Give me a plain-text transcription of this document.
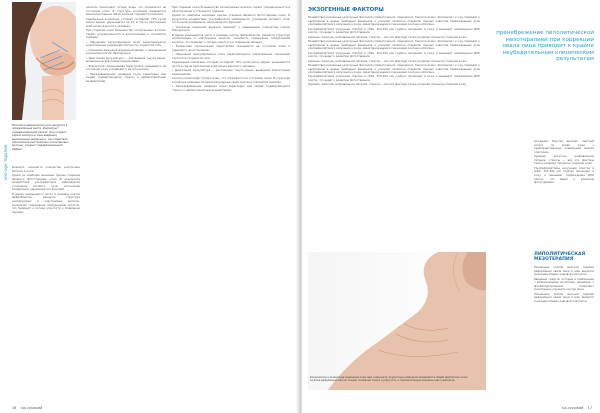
anti-age терапия
Мезонити (верхний рисунок) вводятся в определенные места, формируют поддерживающий каркас. Они создают каркас волокон в зоне введения, выраженные морщины и, как следствие образование выстроенных коллагеновых волокон, создают поддерживающий эффект.

возрасте, снижается количество эластичных волокон в коже.

Одной из наиболее значимых причин старения является фотостарение кожи. В результате воздействия ультрафиолета наблюдается утолщение рогового слоя, истончение эпидермиса, нарушение его функций.

В дерме уменьшается число и размеры клеток фибробластов, меняется структура коллагеновых и эластиновых волокон, снижается содержание гиалуроновой кислоты, что приводит к потере упругости и появлению морщин.

кислоты происходит потеря воды, что отражается на состоянии кожи. В структуре коллагена изменяются межмолекулярные связи, волокна становятся ломкими.

Содержание коллагена, который составляет 70% сухой массы дермы, уменьшается на 1% в год на протяжении всей жизни взрослого человека.

При старении кожи большинство коллагеновых волокон теряет упорядоченность в расположении и становятся грубыми.

• Нарушение васкуляризации кожи характеризуется значительным снижением плотности сосудистой сети.

• Снижение иммунной функции приводит к уменьшению количества клеток Лангерганса.

• Диастазная мускулатура — растяжение тонуса мышц, вызванное возрастными изменениями.

• Возрастная гормональная перестройка сказывается на состоянии кожи и приводит к ее истончению.

• Преждевременное увядание кожи характерно для людей, подвергающихся стрессу и неблагоприятным воздействиям.

При старении кожи большинство коллагеновых волокон теряет упорядоченность в расположении и становятся грубыми.

Одной из наиболее значимых причин старения является фотостарение кожи. В результате воздействия ультрафиолета наблюдается утолщение рогового слоя, истончение эпидермиса, нарушение его функций.

• Снижение иммунной функции приводит к уменьшению количества клеток Лангерганса.

В дерме уменьшается число и размеры клеток фибробластов, меняется структура коллагеновых и эластиновых волокон, снижается содержание гиалуроновой кислоты, что приводит к потере упругости и появлению морщин.

• Возрастная гормональная перестройка сказывается на состоянии кожи и приводит к ее истончению.

• Нарушение васкуляризации кожи характеризуется значительным снижением плотности сосудистой сети.

Содержание коллагена, который составляет 70% сухой массы дермы, уменьшается на 1% в год на протяжении всей жизни взрослого человека.

• Диастазная мускулатура — растяжение тонуса мышц, вызванное возрастными изменениями.

кислоты происходит потеря воды, что отражается на состоянии кожи. В структуре коллагена изменяются межмолекулярные связи, волокна становятся ломкими.

• Преждевременное увядание кожи характерно для людей, подвергающихся стрессу и неблагоприятным воздействиям.

16 lux-сухожий
ЭКЗОГЕННЫЕ ФАКТОРЫ

Воздействие различных экзогенных факторов (климатических, химических, биологических, физических и т.д.) приводит к накоплению в дерме свободных радикалов и ускоряет процессы старения. Хорошо известна повреждающая роль ультрафиолетового излучения в коже, характеризующаяся снижением синтеза коллагена.

Ультрафиолетовое излучение спектра А (УФА, 320–400 нм) глубоко проникает в кожу и вызывает повреждения ДНК клеток, что ведет к развитию фотостарения.

Курение, алкоголь, неправильное питание, стрессы — все эти факторы также ускоряют процессы старения кожи.

Воздействие различных экзогенных факторов (климатических, химических, биологических, физических и т.д.) приводит к накоплению в дерме свободных радикалов и ускоряет процессы старения. Хорошо известна повреждающая роль ультрафиолетового излучения в коже, характеризующаяся снижением синтеза коллагена.

Ультрафиолетовое излучение спектра А (УФА, 320–400 нм) глубоко проникает в кожу и вызывает повреждения ДНК клеток, что ведет к развитию фотостарения.

Курение, алкоголь, неправильное питание, стрессы — все эти факторы также ускоряют процессы старения кожи.

Воздействие различных экзогенных факторов (климатических, химических, биологических, физических и т.д.) приводит к накоплению в дерме свободных радикалов и ускоряет процессы старения. Хорошо известна повреждающая роль ультрафиолетового излучения в коже, характеризующаяся снижением синтеза коллагена.

Ультрафиолетовое излучение спектра А (УФА, 320–400 нм) глубоко проникает в кожу и вызывает повреждения ДНК клеток, что ведет к развитию фотостарения.

Курение, алкоголь, неправильное питание, стрессы — все эти факторы также ускоряют процессы старения кожи.

пренебрежение липолитической мезотерапией при коррекции овала лица приводит к крайне неубедительным клиническим результатам
Клинические и возрастные изменения кожи шеи и декольте: возрастные изменения проявляются общей дряблостью кожи на фоне деформации мягких тканей, снижение тонуса и упругости, и горизонтальные морщины шеи и декольте.

рождению блестки выгялят. Светлый силуэт по краям кожи с преимущественным появлением мелких пластинок.

Курение, алкоголь, неправильное питание, стрессы — все эти факторы также ускоряют процессы старения кожи.

Ультрафиолетовое излучение спектра А (УФА, 320–400 нм) глубоко проникает в кожу и вызывает повреждения ДНК клеток, что ведет к развитию фотостарения.

ЛИПОЛИТИЧЕСКАЯ МЕЗОТЕРАПИЯ

Начальным этапом местной терапии деформации овала лица и шеи является снижение объема жировой клетчатки.

Введение средств, которые в комбинации с увлажняющими кислотами, например, с фосфатидилхолином, позволяют значительно улучшить контур лица.

Начальным этапом местной терапии деформации овала лица и шеи является снижение объема жировой клетчатки.

lux-сухожий 17
